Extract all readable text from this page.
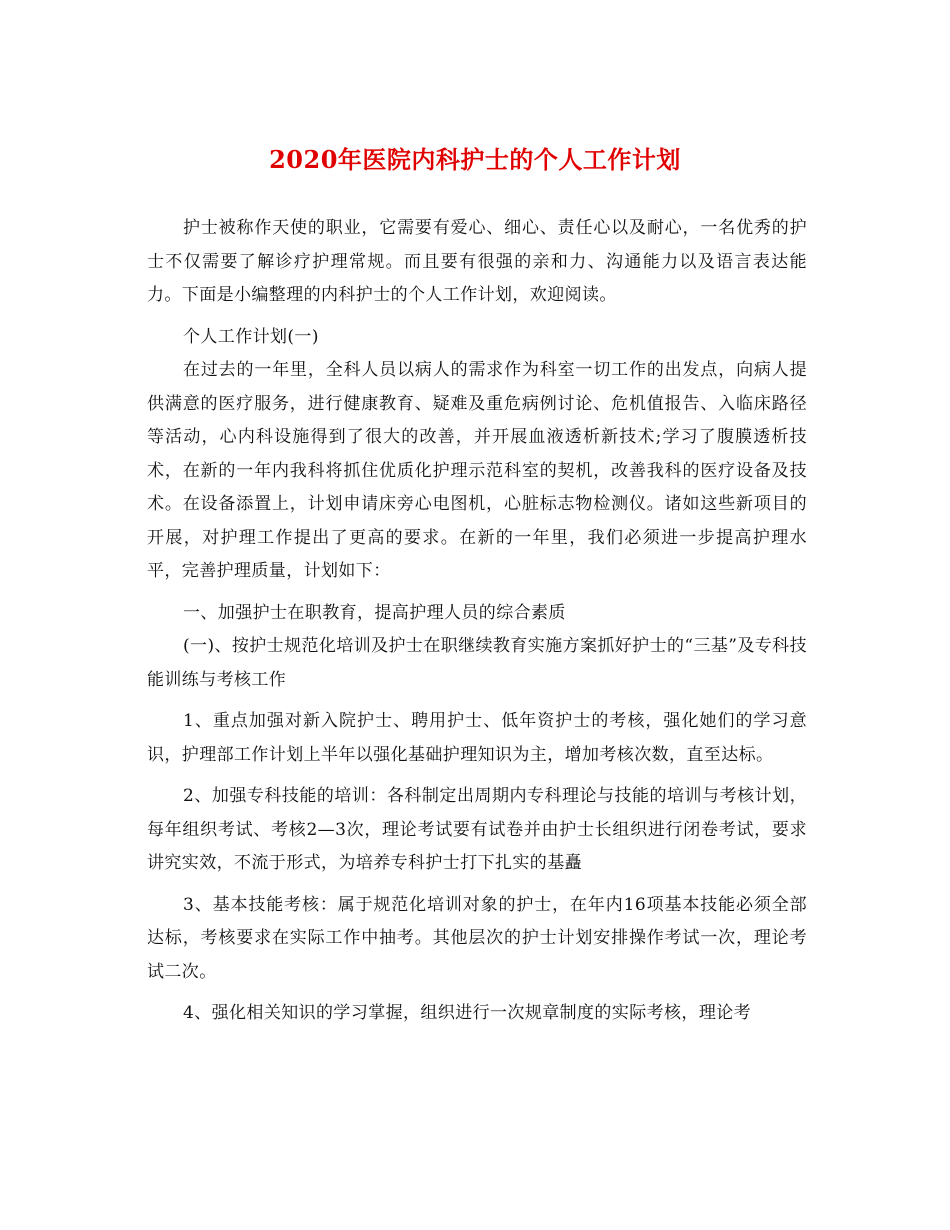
2020年医院内科护士的个人工作计划

护士被称作天使的职业，它需要有爱心、细心、责任心以及耐心，一名优秀的护士不仅需要了解诊疗护理常规。而且要有很强的亲和力、沟通能力以及语言表达能力。下面是小编整理的内科护士的个人工作计划，欢迎阅读。

个人工作计划(一)

在过去的一年里，全科人员以病人的需求作为科室一切工作的出发点，向病人提供满意的医疗服务，进行健康教育、疑难及重危病例讨论、危机值报告、入临床路径等活动，心内科设施得到了很大的改善，并开展血液透析新技术;学习了腹膜透析技术，在新的一年内我科将抓住优质化护理示范科室的契机，改善我科的医疗设备及技术。在设备添置上，计划申请床旁心电图机，心脏标志物检测仪。诸如这些新项目的开展，对护理工作提出了更高的要求。在新的一年里，我们必须进一步提高护理水平，完善护理质量，计划如下：

一、加强护士在职教育，提高护理人员的综合素质

(一)、按护士规范化培训及护士在职继续教育实施方案抓好护士的“三基”及专科技能训练与考核工作

1、重点加强对新入院护士、聘用护士、低年资护士的考核，强化她们的学习意识，护理部工作计划上半年以强化基础护理知识为主，增加考核次数，直至达标。

2、加强专科技能的培训：各科制定出周期内专科理论与技能的培训与考核计划，每年组织考试、考核2—3次，理论考试要有试卷并由护士长组织进行闭卷考试，要求讲究实效，不流于形式，为培养专科护士打下扎实的基矗

3、基本技能考核：属于规范化培训对象的护士，在年内16项基本技能必须全部达标，考核要求在实际工作中抽考。其他层次的护士计划安排操作考试一次，理论考试二次。

4、强化相关知识的学习掌握，组织进行一次规章制度的实际考核，理论考
